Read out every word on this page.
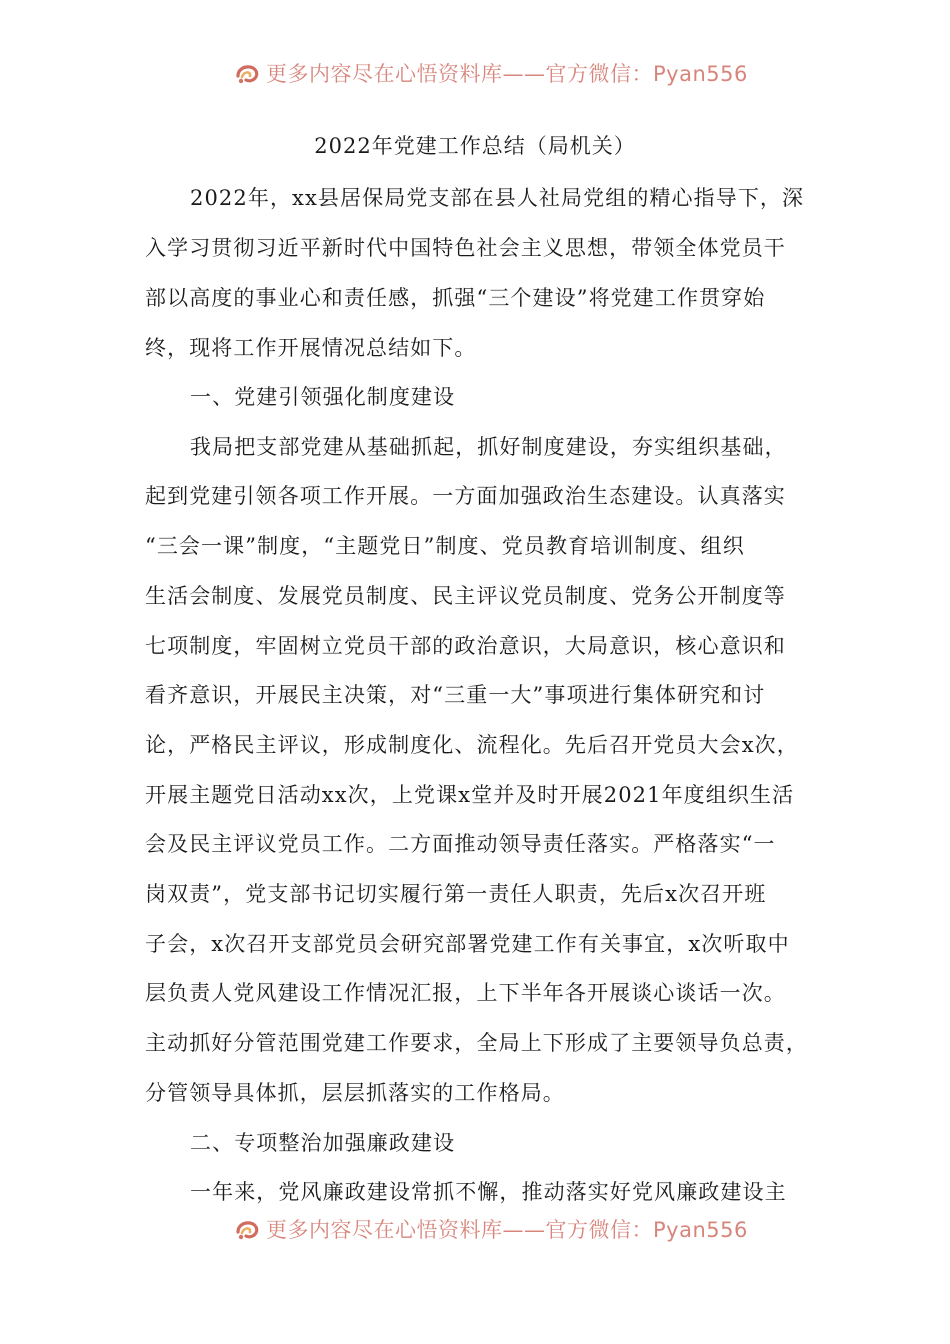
更多内容尽在心悟资料库——官方微信：Pyan556
2022年党建工作总结（局机关）
2022年，xx县居保局党支部在县人社局党组的精心指导下，深
入学习贯彻习近平新时代中国特色社会主义思想，带领全体党员干
部以高度的事业心和责任感，抓强“三个建设”将党建工作贯穿始
终，现将工作开展情况总结如下。
一、党建引领强化制度建设
我局把支部党建从基础抓起，抓好制度建设，夯实组织基础，
起到党建引领各项工作开展。一方面加强政治生态建设。认真落实
“三会一课”制度，“主题党日”制度、党员教育培训制度、组织
生活会制度、发展党员制度、民主评议党员制度、党务公开制度等
七项制度，牢固树立党员干部的政治意识，大局意识，核心意识和
看齐意识，开展民主决策，对“三重一大”事项进行集体研究和讨
论，严格民主评议，形成制度化、流程化。先后召开党员大会x次，
开展主题党日活动xx次，上党课x堂并及时开展2021年度组织生活
会及民主评议党员工作。二方面推动领导责任落实。严格落实“一
岗双责”，党支部书记切实履行第一责任人职责，先后x次召开班
子会，x次召开支部党员会研究部署党建工作有关事宜，x次听取中
层负责人党风建设工作情况汇报，上下半年各开展谈心谈话一次。
主动抓好分管范围党建工作要求，全局上下形成了主要领导负总责，
分管领导具体抓，层层抓落实的工作格局。
二、专项整治加强廉政建设
一年来，党风廉政建设常抓不懈，推动落实好党风廉政建设主
更多内容尽在心悟资料库——官方微信：Pyan556
